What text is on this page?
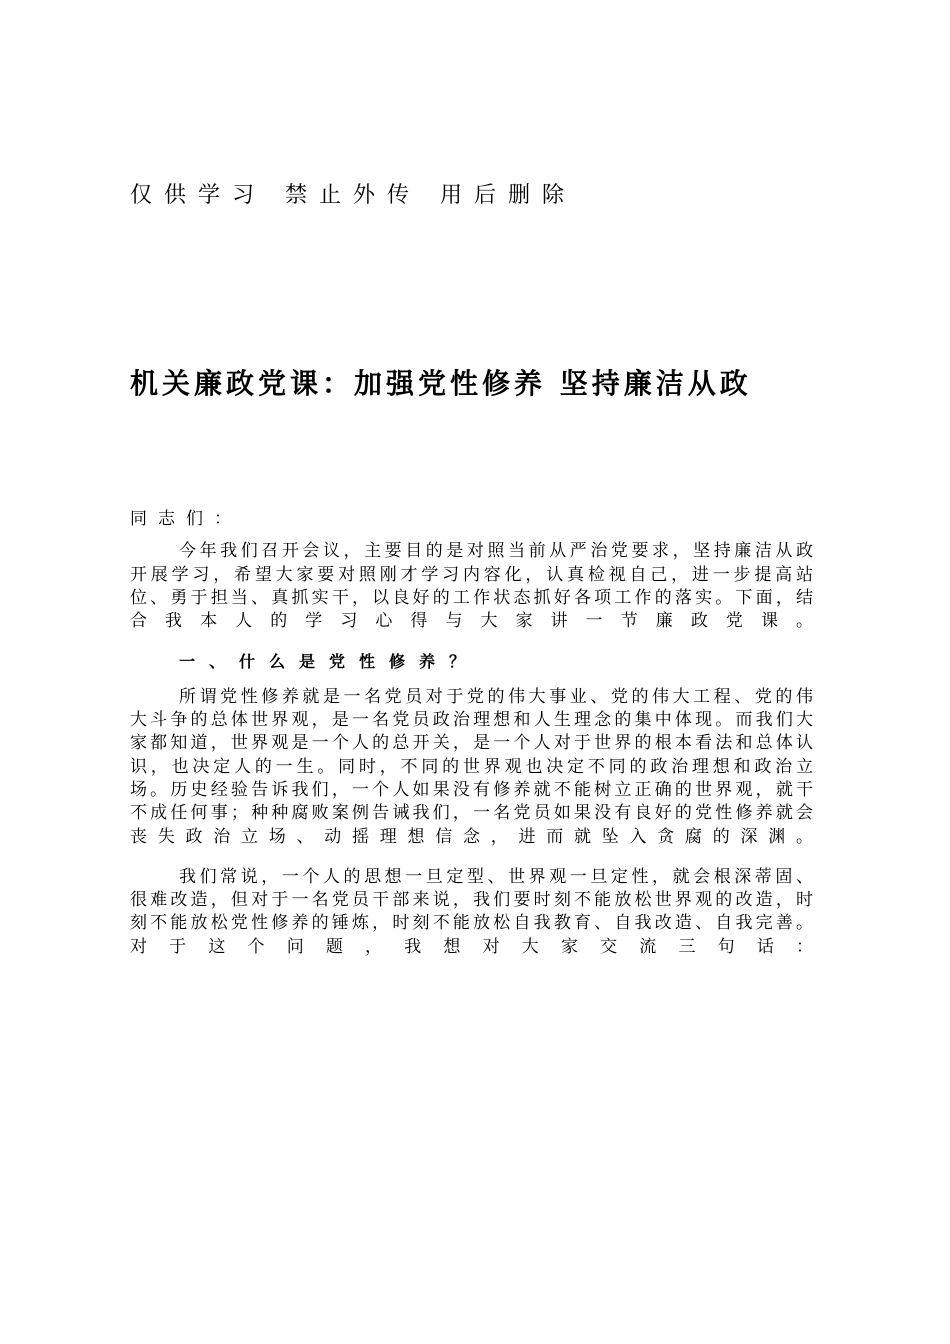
仅供学习 禁止外传 用后删除
机关廉政党课：加强党性修养 坚持廉洁从政

同志们：

今年我们召开会议，主要目的是对照当前从严治党要求，坚持廉洁从政开展学习，希望大家要对照刚才学习内容化，认真检视自己，进一步提高站位、勇于担当、真抓实干，以良好的工作状态抓好各项工作的落实。下面，结合我本人的学习心得与大家讲一节廉政党课。

一、什么是党性修养？

所谓党性修养就是一名党员对于党的伟大事业、党的伟大工程、党的伟大斗争的总体世界观，是一名党员政治理想和人生理念的集中体现。而我们大家都知道，世界观是一个人的总开关，是一个人对于世界的根本看法和总体认识，也决定人的一生。同时，不同的世界观也决定不同的政治理想和政治立场。历史经验告诉我们，一个人如果没有修养就不能树立正确的世界观，就干不成任何事；种种腐败案例告诫我们，一名党员如果没有良好的党性修养就会丧失政治立场、动摇理想信念，进而就坠入贪腐的深渊。

我们常说，一个人的思想一旦定型、世界观一旦定性，就会根深蒂固、很难改造，但对于一名党员干部来说，我们要时刻不能放松世界观的改造，时刻不能放松党性修养的锤炼，时刻不能放松自我教育、自我改造、自我完善。对于这个问题，我想对大家交流三句话：
